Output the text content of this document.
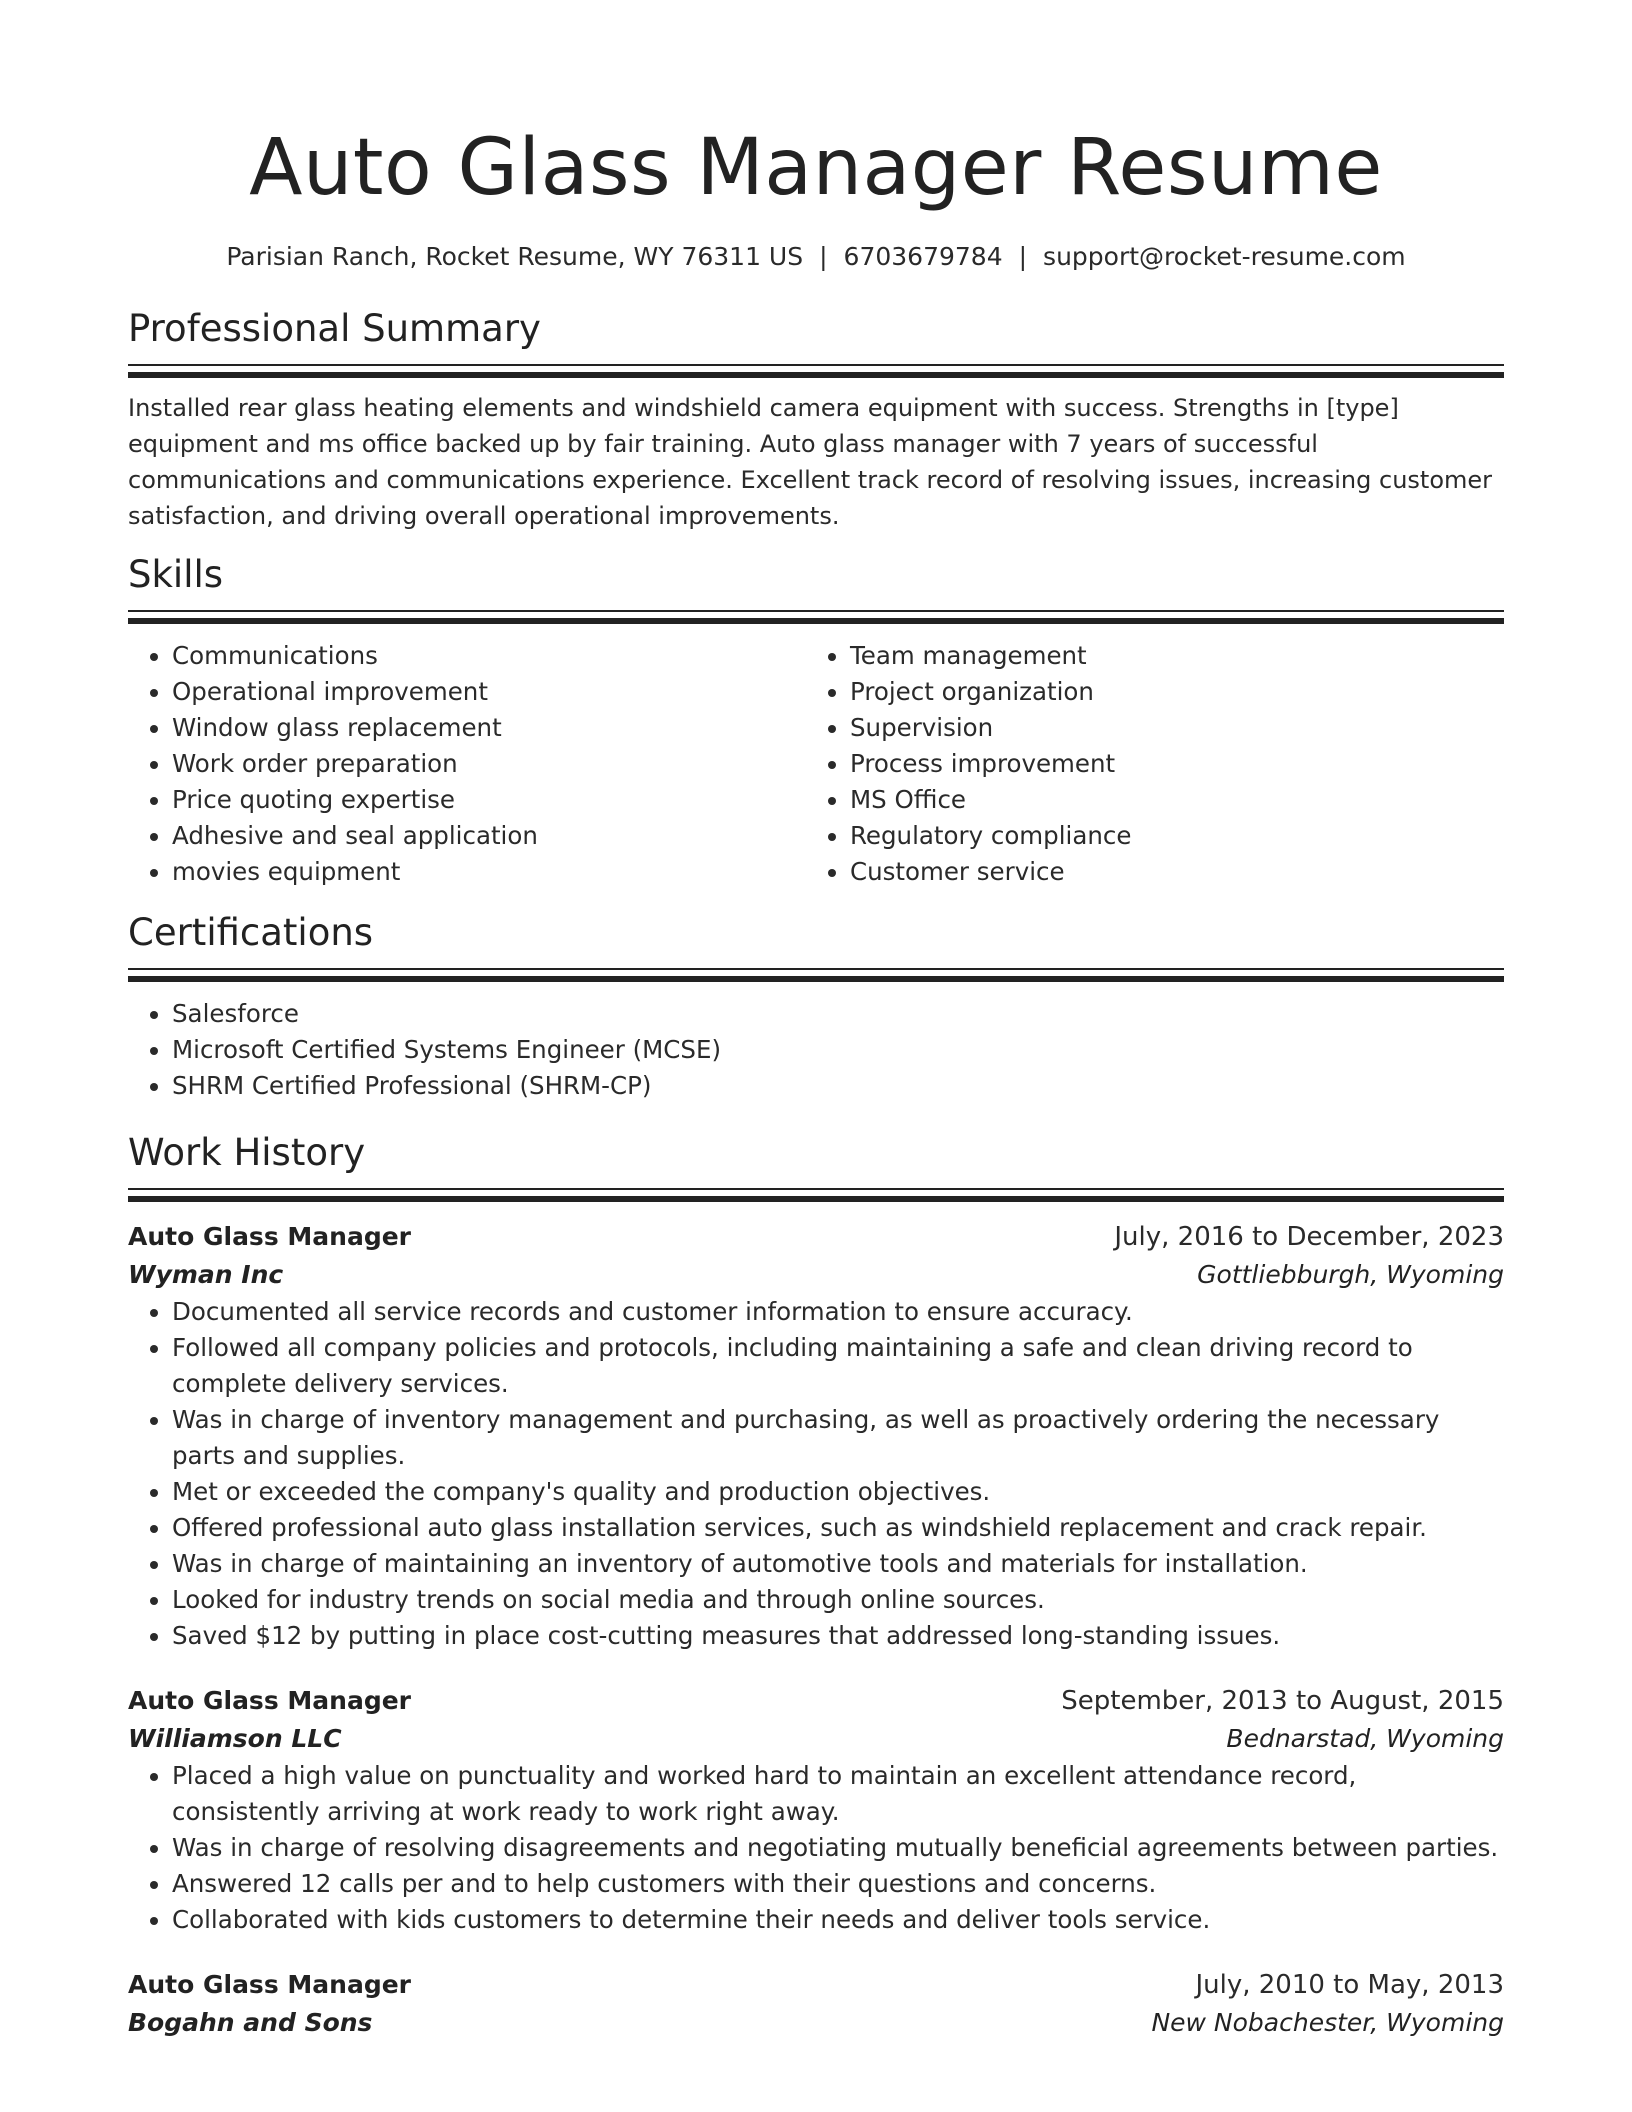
Auto Glass Manager Resume
Parisian Ranch, Rocket Resume, WY 76311 US | 6703679784 | support@rocket-resume.com
Professional Summary
Installed rear glass heating elements and windshield camera equipment with success. Strengths in [type] equipment and ms office backed up by fair training. Auto glass manager with 7 years of successful communications and communications experience. Excellent track record of resolving issues, increasing customer satisfaction, and driving overall operational improvements.
Skills
• Communications
• Operational improvement
• Window glass replacement
• Work order preparation
• Price quoting expertise
• Adhesive and seal application
• movies equipment
• Team management
• Project organization
• Supervision
• Process improvement
• MS Office
• Regulatory compliance
• Customer service
Certifications
• Salesforce
• Microsoft Certified Systems Engineer (MCSE)
• SHRM Certified Professional (SHRM-CP)
Work History
Auto Glass Manager	July, 2016 to December, 2023
Wyman Inc	Gottliebburgh, Wyoming
• Documented all service records and customer information to ensure accuracy.
• Followed all company policies and protocols, including maintaining a safe and clean driving record to complete delivery services.
• Was in charge of inventory management and purchasing, as well as proactively ordering the necessary parts and supplies.
• Met or exceeded the company's quality and production objectives.
• Offered professional auto glass installation services, such as windshield replacement and crack repair.
• Was in charge of maintaining an inventory of automotive tools and materials for installation.
• Looked for industry trends on social media and through online sources.
• Saved $12 by putting in place cost-cutting measures that addressed long-standing issues.
Auto Glass Manager	September, 2013 to August, 2015
Williamson LLC	Bednarstad, Wyoming
• Placed a high value on punctuality and worked hard to maintain an excellent attendance record, consistently arriving at work ready to work right away.
• Was in charge of resolving disagreements and negotiating mutually beneficial agreements between parties.
• Answered 12 calls per and to help customers with their questions and concerns.
• Collaborated with kids customers to determine their needs and deliver tools service.
Auto Glass Manager	July, 2010 to May, 2013
Bogahn and Sons	New Nobachester, Wyoming
